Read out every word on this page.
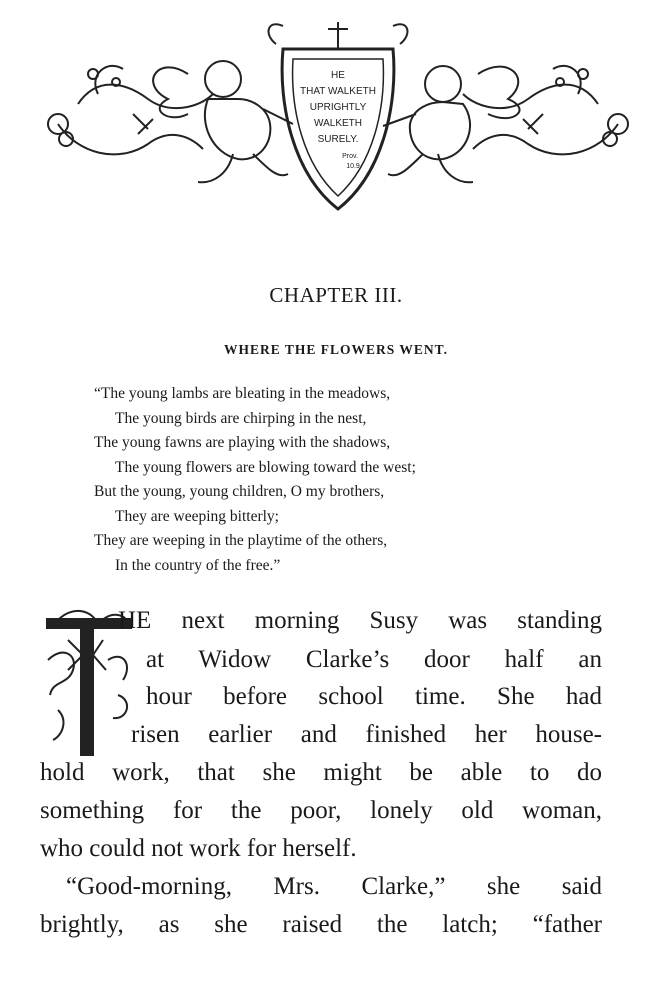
HE
THAT WALKETH
UPRIGHTLY
WALKETH
SURELY.
Prov.
10.9.
CHAPTER III.
WHERE THE FLOWERS WENT.
“The young lambs are bleating in the meadows,
The young birds are chirping in the nest,
The young fawns are playing with the shadows,
The young flowers are blowing toward the west;
But the young, young children, O my brothers,
They are weeping bitterly;
They are weeping in the playtime of the others,
In the country of the free.”
T
HE next morning Susy was standing
at Widow Clarke’s door half an
hour before school time. She had
risen earlier and finished her house-
hold work, that she might be able to do
something for the poor, lonely old woman,
who could not work for herself.
“Good-morning, Mrs. Clarke,” she said
brightly, as she raised the latch; “father
